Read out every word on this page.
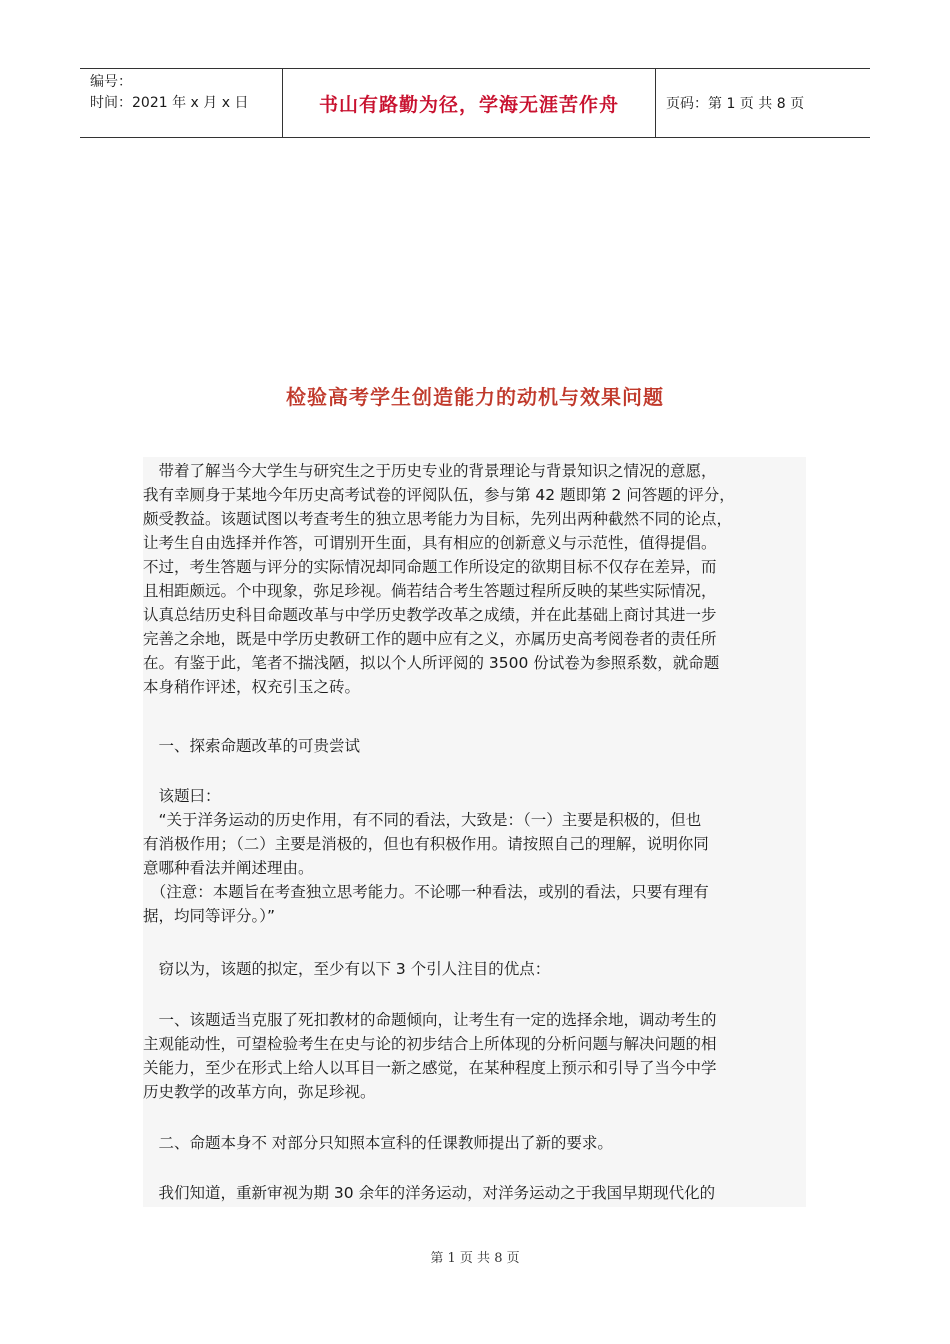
编号：
时间：2021 年 x 月 x 日	书山有路勤为径，学海无涯苦作舟	页码：第 1 页 共 8 页
检验高考学生创造能力的动机与效果问题

　带着了解当今大学生与研究生之于历史专业的背景理论与背景知识之情况的意愿，
我有幸厕身于某地今年历史高考试卷的评阅队伍，参与第 42 题即第 2 问答题的评分，
颇受教益。该题试图以考查考生的独立思考能力为目标，先列出两种截然不同的论点，
让考生自由选择并作答，可谓别开生面，具有相应的创新意义与示范性，值得提倡。
不过，考生答题与评分的实际情况却同命题工作所设定的欲期目标不仅存在差异，而
且相距颇远。个中现象，弥足珍视。倘若结合考生答题过程所反映的某些实际情况，
认真总结历史科目命题改革与中学历史教学改革之成绩，并在此基础上商讨其进一步
完善之余地，既是中学历史教研工作的题中应有之义，亦属历史高考阅卷者的责任所
在。有鉴于此，笔者不揣浅陋，拟以个人所评阅的 3500 份试卷为参照系数，就命题
本身稍作评述，权充引玉之砖。

　一、探索命题改革的可贵尝试

　该题曰：
　“关于洋务运动的历史作用，有不同的看法，大致是：（一）主要是积极的，但也
有消极作用；（二）主要是消极的，但也有积极作用。请按照自己的理解，说明你同
意哪种看法并阐述理由。
　（注意：本题旨在考查独立思考能力。不论哪一种看法，或别的看法，只要有理有
据，均同等评分。）”

　窃以为，该题的拟定，至少有以下 3 个引人注目的优点：

　一、该题适当克服了死扣教材的命题倾向，让考生有一定的选择余地，调动考生的
主观能动性，可望检验考生在史与论的初步结合上所体现的分析问题与解决问题的相
关能力，至少在形式上给人以耳目一新之感觉，在某种程度上预示和引导了当今中学
历史教学的改革方向，弥足珍视。

　二、命题本身不 对部分只知照本宣科的任课教师提出了新的要求。

　我们知道，重新审视为期 30 余年的洋务运动，对洋务运动之于我国早期现代化的

第 1 页 共 8 页
